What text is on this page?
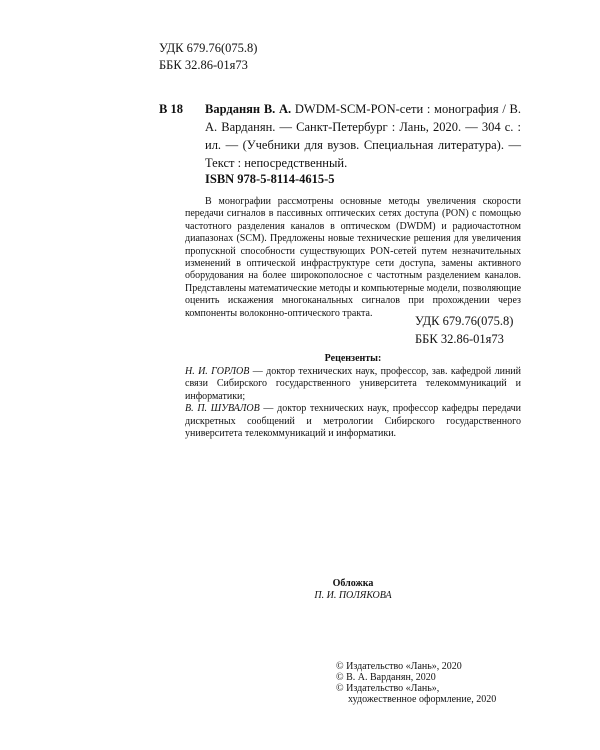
УДК 679.76(075.8)
ББК 32.86-01я73
В 18 Варданян В. А. DWDM-SCM-PON-сети : монография / В. А. Варданян. — Санкт-Петербург : Лань, 2020. — 304 с. : ил. — (Учебники для вузов. Специальная литература). — Текст : непосредственный.
ISBN 978-5-8114-4615-5

В монографии рассмотрены основные методы увеличения скорости передачи сигналов в пассивных оптических сетях доступа (PON) с помощью частотного разделения каналов в оптическом (DWDM) и радиочастотном диапазонах (SCM). Предложены новые технические решения для увеличения пропускной способности существующих PON-сетей путем незначительных изменений в оптической инфраструктуре сети доступа, замены активного оборудования на более широкополосное с частотным разделением каналов. Представлены математические методы и компьютерные модели, позволяющие оценить искажения многоканальных сигналов при прохождении через компоненты волоконно-оптического тракта.

УДК 679.76(075.8)
ББК 32.86-01я73
Рецензенты:

Н. И. ГОРЛОВ — доктор технических наук, профессор, зав. кафедрой линий связи Сибирского государственного университета телекоммуникаций и информатики;

В. П. ШУВАЛОВ — доктор технических наук, профессор кафедры передачи дискретных сообщений и метрологии Сибирского государственного университета телекоммуникаций и информатики.

Обложка
П. И. ПОЛЯКОВА
© Издательство «Лань», 2020
© В. А. Варданян, 2020
© Издательство «Лань»,
художественное оформление, 2020
